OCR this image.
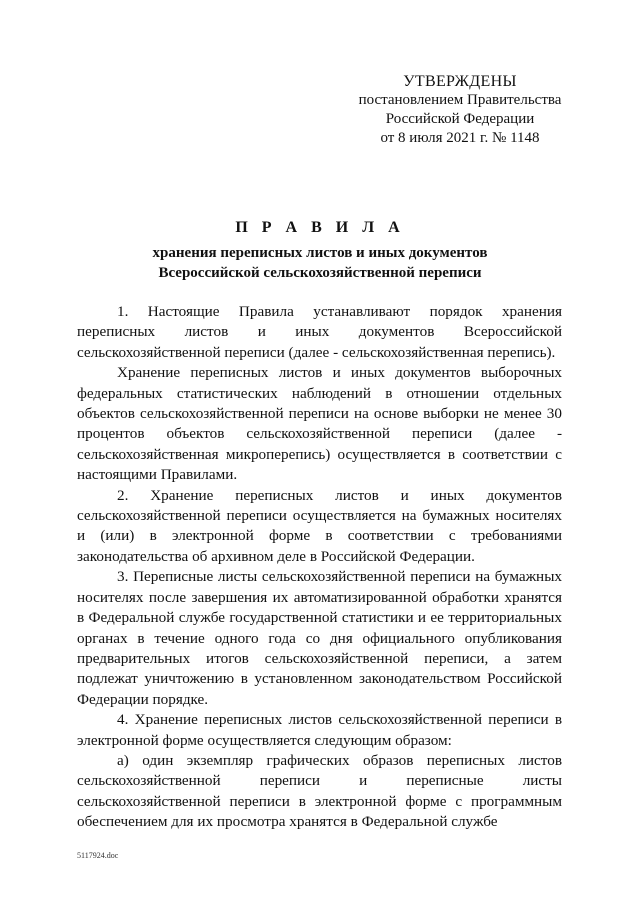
УТВЕРЖДЕНЫ
постановлением Правительства
Российской Федерации
от 8 июля 2021 г. № 1148
П Р А В И Л А
хранения переписных листов и иных документов
Всероссийской сельскохозяйственной переписи

1. Настоящие Правила устанавливают порядок хранения переписных листов и иных документов Всероссийской сельскохозяйственной переписи (далее - сельскохозяйственная перепись).

Хранение переписных листов и иных документов выборочных федеральных статистических наблюдений в отношении отдельных объектов сельскохозяйственной переписи на основе выборки не менее 30 процентов объектов сельскохозяйственной переписи (далее - сельскохозяйственная микроперепись) осуществляется в соответствии с настоящими Правилами.

2. Хранение переписных листов и иных документов сельскохозяйственной переписи осуществляется на бумажных носителях и (или) в электронной форме в соответствии с требованиями законодательства об архивном деле в Российской Федерации.

3. Переписные листы сельскохозяйственной переписи на бумажных носителях после завершения их автоматизированной обработки хранятся в Федеральной службе государственной статистики и ее территориальных органах в течение одного года со дня официального опубликования предварительных итогов сельскохозяйственной переписи, а затем подлежат уничтожению в установленном законодательством Российской Федерации порядке.

4. Хранение переписных листов сельскохозяйственной переписи в электронной форме осуществляется следующим образом:

а) один экземпляр графических образов переписных листов сельскохозяйственной переписи и переписные листы сельскохозяйственной переписи в электронной форме с программным обеспечением для их просмотра хранятся в Федеральной службе

5117924.doc
